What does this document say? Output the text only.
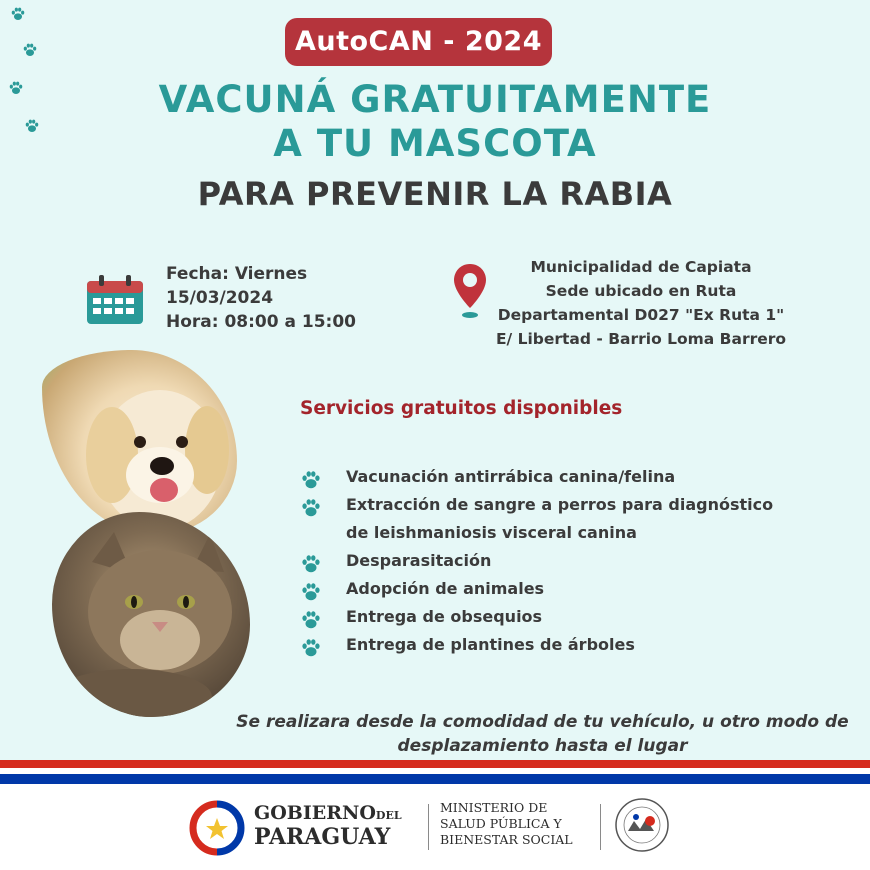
AutoCAN - 2024
VACUNÁ GRATUITAMENTE
A TU MASCOTA
PARA PREVENIR LA RABIA
Fecha: Viernes
15/03/2024
Hora: 08:00 a 15:00
Municipalidad de Capiata
Sede ubicado en Ruta
Departamental D027 "Ex Ruta 1"
E/ Libertad - Barrio Loma Barrero
Servicios gratuitos disponibles
Vacunación antirrábica canina/felina
Extracción de sangre a perros para diagnóstico
de leishmaniosis visceral canina
Desparasitación
Adopción de animales
Entrega de obsequios
Entrega de plantines de árboles
Se realizara desde la comodidad de tu vehículo, u otro modo de
desplazamiento hasta el lugar
GOBIERNODEL
PARAGUAY
MINISTERIO DE
SALUD PÚBLICA Y
BIENESTAR SOCIAL
